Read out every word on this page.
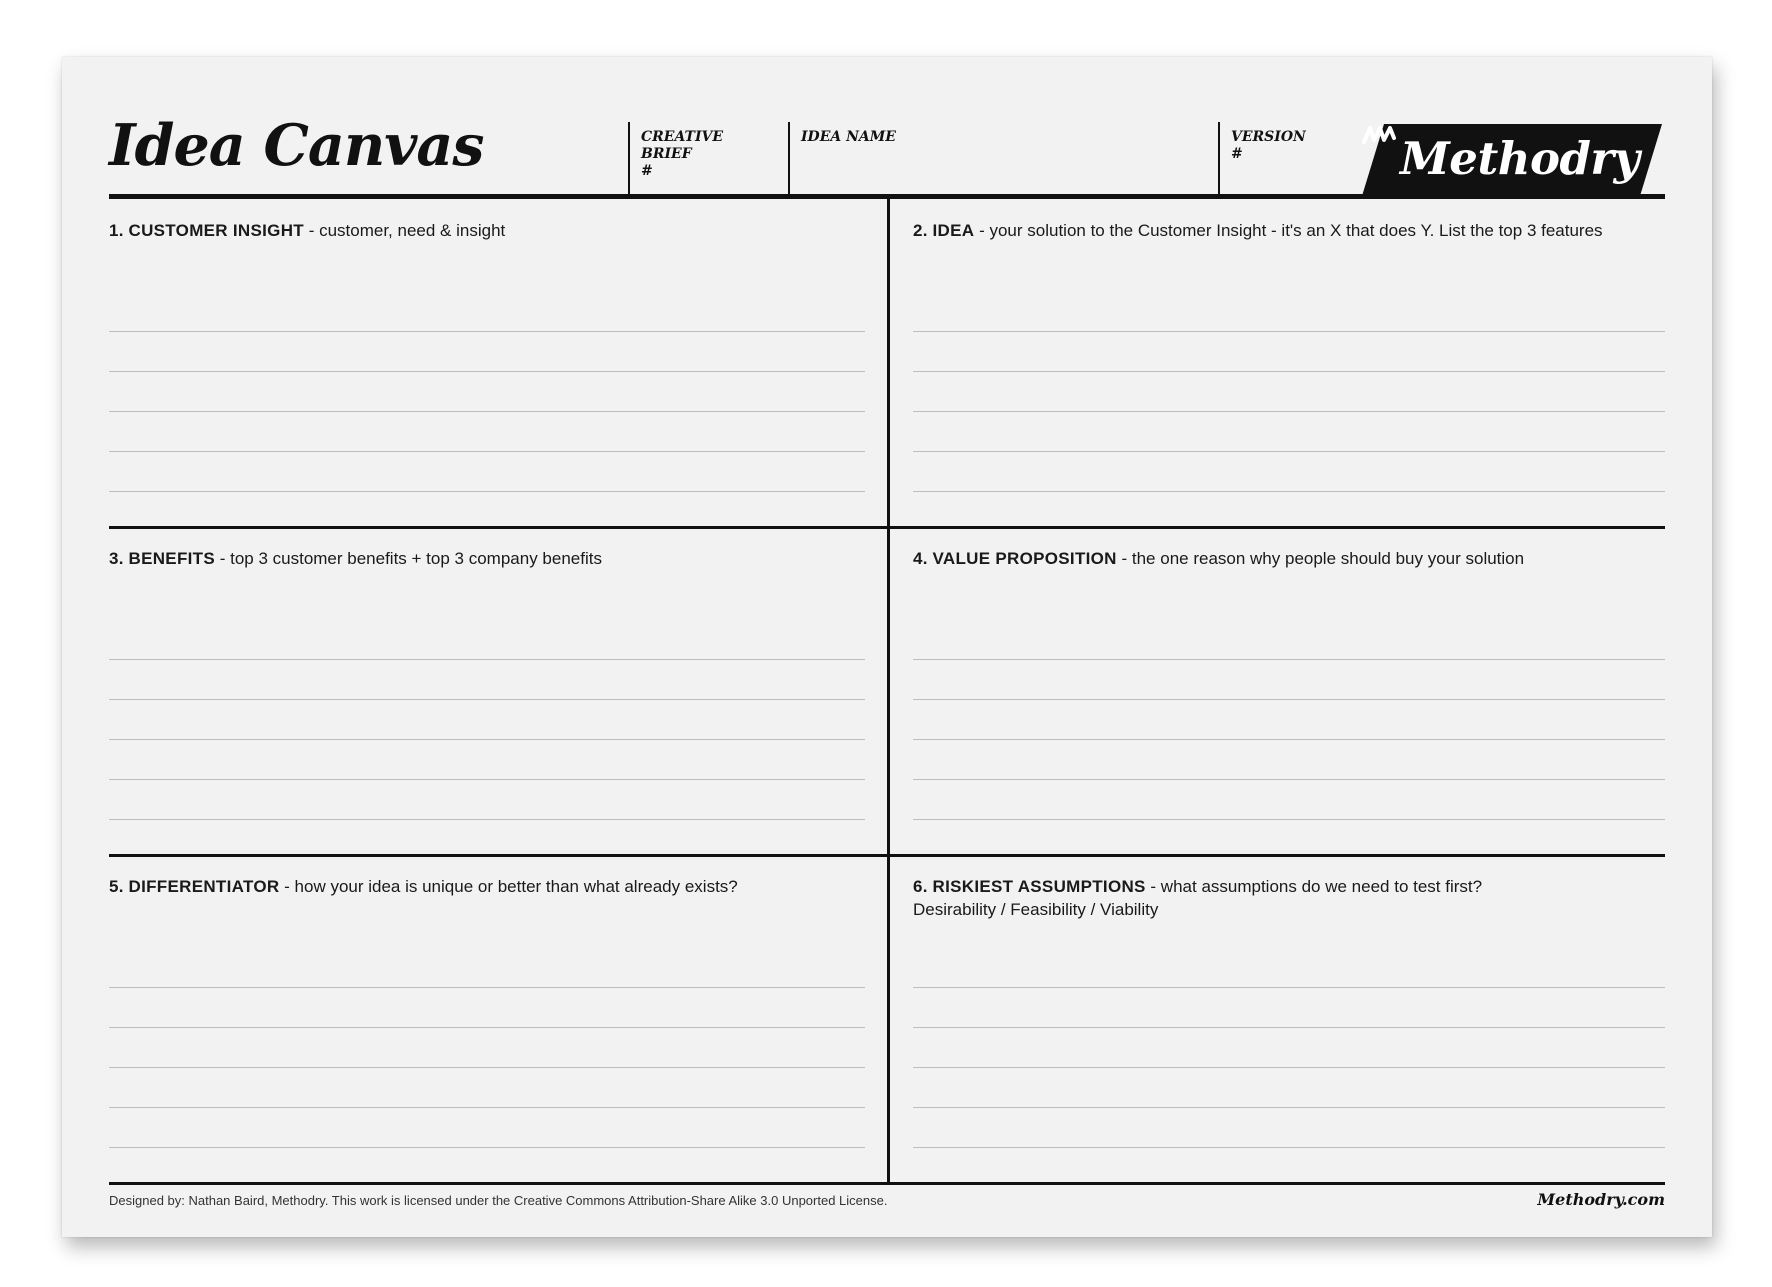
Idea Canvas	CREATIVE BRIEF
#
IDEA NAME	VERSION
#	Methodry
1. CUSTOMER INSIGHT - customer, need & insight	2. IDEA - your solution to the Customer Insight - it's an X that does Y. List the top 3 features
3. BENEFITS - top 3 customer benefits + top 3 company benefits	4. VALUE PROPOSITION - the one reason why people should buy your solution
5. DIFFERENTIATOR - how your idea is unique or better than what already exists?	6. RISKIEST ASSUMPTIONS - what assumptions do we need to test first?
Desirability / Feasibility / Viability
Designed by: Nathan Baird, Methodry. This work is licensed under the Creative Commons Attribution-Share Alike 3.0 Unported License.	Methodry.com
